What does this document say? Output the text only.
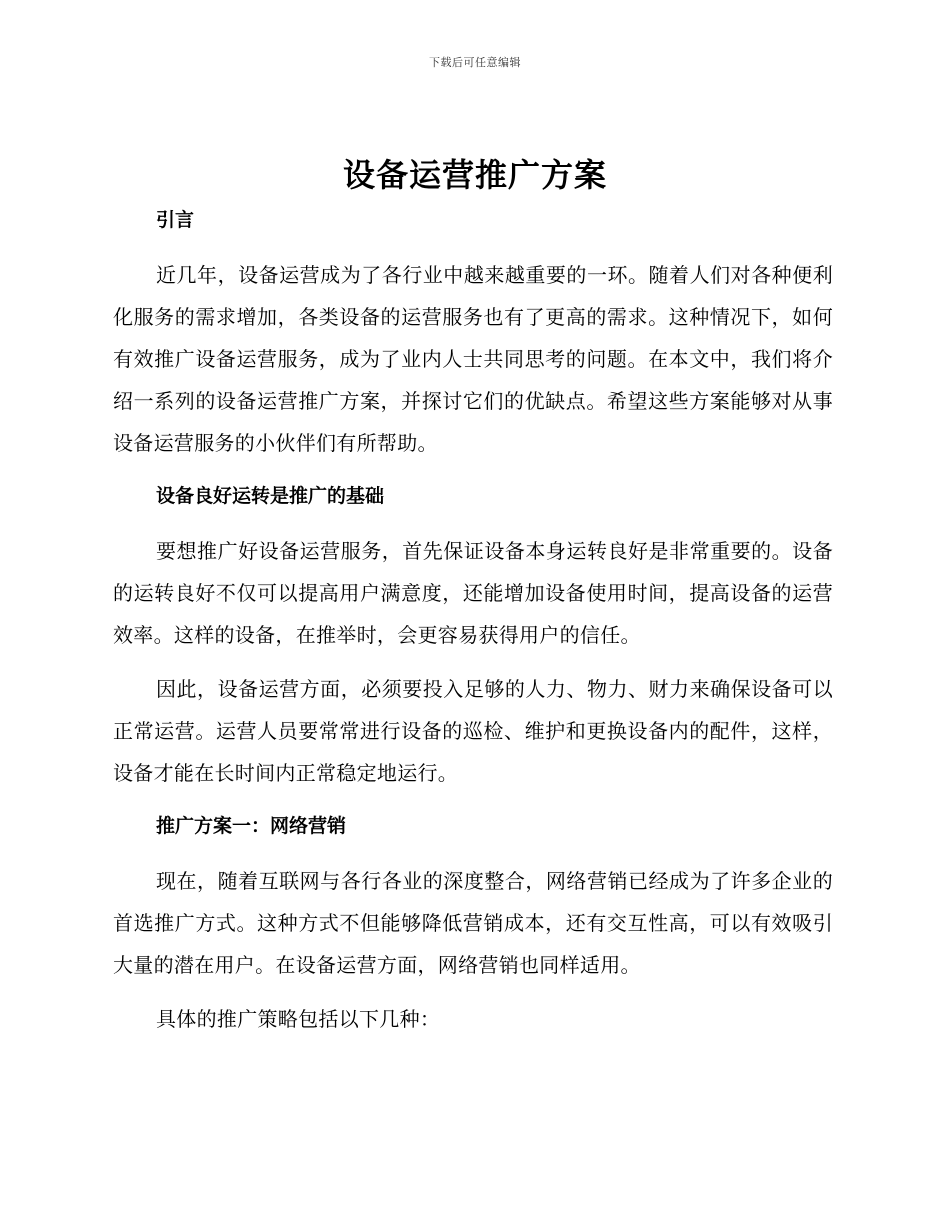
下载后可任意编辑
设备运营推广方案
引言

近几年，设备运营成为了各行业中越来越重要的一环。随着人们对各种便利化服务的需求增加，各类设备的运营服务也有了更高的需求。这种情况下，如何有效推广设备运营服务，成为了业内人士共同思考的问题。在本文中，我们将介绍一系列的设备运营推广方案，并探讨它们的优缺点。希望这些方案能够对从事设备运营服务的小伙伴们有所帮助。

设备良好运转是推广的基础

要想推广好设备运营服务，首先保证设备本身运转良好是非常重要的。设备的运转良好不仅可以提高用户满意度，还能增加设备使用时间，提高设备的运营效率。这样的设备，在推举时，会更容易获得用户的信任。

因此，设备运营方面，必须要投入足够的人力、物力、财力来确保设备可以正常运营。运营人员要常常进行设备的巡检、维护和更换设备内的配件，这样，设备才能在长时间内正常稳定地运行。

推广方案一：网络营销

现在，随着互联网与各行各业的深度整合，网络营销已经成为了许多企业的首选推广方式。这种方式不但能够降低营销成本，还有交互性高，可以有效吸引大量的潜在用户。在设备运营方面，网络营销也同样适用。

具体的推广策略包括以下几种：
